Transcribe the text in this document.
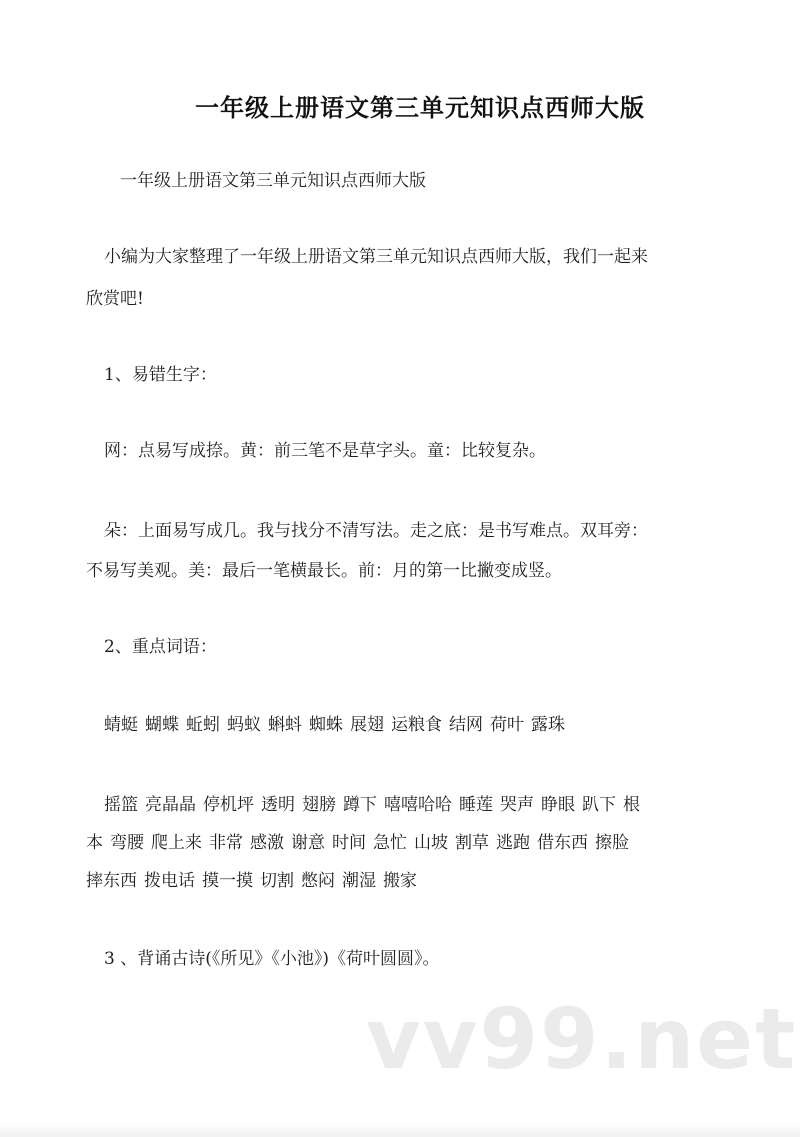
一年级上册语文第三单元知识点西师大版
一年级上册语文第三单元知识点西师大版
小编为大家整理了一年级上册语文第三单元知识点西师大版，我们一起来
欣赏吧!
1、易错生字：
网：点易写成捺。黄：前三笔不是草字头。童：比较复杂。
朵：上面易写成几。我与找分不清写法。走之底：是书写难点。双耳旁：
不易写美观。美：最后一笔横最长。前：月的第一比撇变成竖。
2、重点词语：
蜻蜓 蝴蝶 蚯蚓 蚂蚁 蝌蚪 蜘蛛 展翅 运粮食 结网 荷叶 露珠
摇篮 亮晶晶 停机坪 透明 翅膀 蹲下 嘻嘻哈哈 睡莲 哭声 睁眼 趴下 根
本 弯腰 爬上来 非常 感激 谢意 时间 急忙 山坡 割草 逃跑 借东西 擦脸
摔东西 拨电话 摸一摸 切割 憋闷 潮湿 搬家
3 、背诵古诗(《所见》《小池》)《荷叶圆圆》。
vv99.net
